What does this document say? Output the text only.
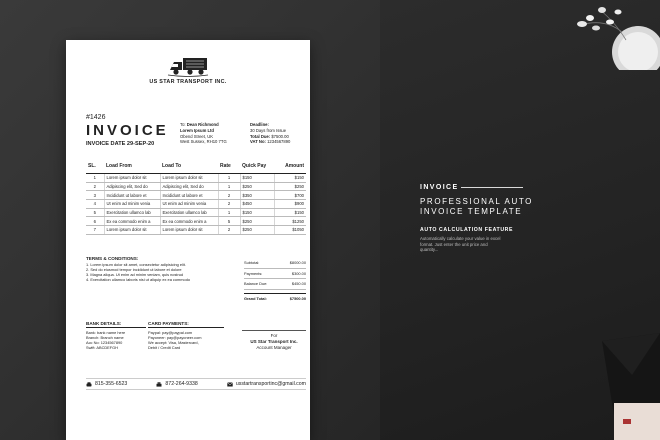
US STAR TRANSPORT INC.
#1426
INVOICE
INVOICE DATE 29-SEP-20
To: Dean Richmond
Lorem Ipsum Ltd
Obend Street, UK
West Sussex, RH10 7TG
Deadline:
30 Days from Issue
Total Due: $7500.00
VAT No: 1234567890
SL.	Load From	Load To	Rate	Quick Pay	Amount
1	Lorem ipsum dolor sit	Lorem ipsum dolor sit	1	$150	$150
2	Adipiscing elit, Sed do	Adipiscing elit, Sed do	1	$250	$250
3	Incididunt ut labore et	Incididunt ut labore et	2	$350	$700
4	Ut enim ad minim venia	Ut enim ad minim venia	2	$450	$900
5	Exercitation ullamco lab	Exercitation ullamco lab	1	$150	$150
6	Ex ea commodo enim a	Ex ea commodo enim a	5	$250	$1250
7	Lorem ipsum dolor sit	Lorem ipsum dolor sit	2	$250	$1050
TERMS & CONDITIONS:
1. Lorem ipsum dolor sit amet, consectetur adipisicing elit.
2. Sed do eiusmod tempor incididunt ut labore et dolore
3. Magna aliqua. Ut enim ad minim veniam, quis nostrud
4. Exercitation ullamco laboris nisi ut aliquip ex ea commodo
Subtotal:	$8000.00
Payments:	$300.00
Balance Due:	$450.00
Grand Total:	$7500.00
BANK DETAILS:
Bank: bank name here
Branch: Branch name
Acc No: 1234567890
Swift: ABCDEFGH
CARD PAYMENTS:
Paypal: pay@paypal.com
Payoneer: pay@payoneer.com
We accept: Visa, Mastercard,
Debit / Credit Card
For
US Star Transport Inc.
Account Manager
815-355-6523	872-264-9338	usstartransportinc@gmail.com
INVOICE
PROFESSIONAL AUTO
INVOICE TEMPLATE
AUTO CALCULATION FEATURE
Automatically calculate your value in excel format. Just enter the unit price and quantity...
